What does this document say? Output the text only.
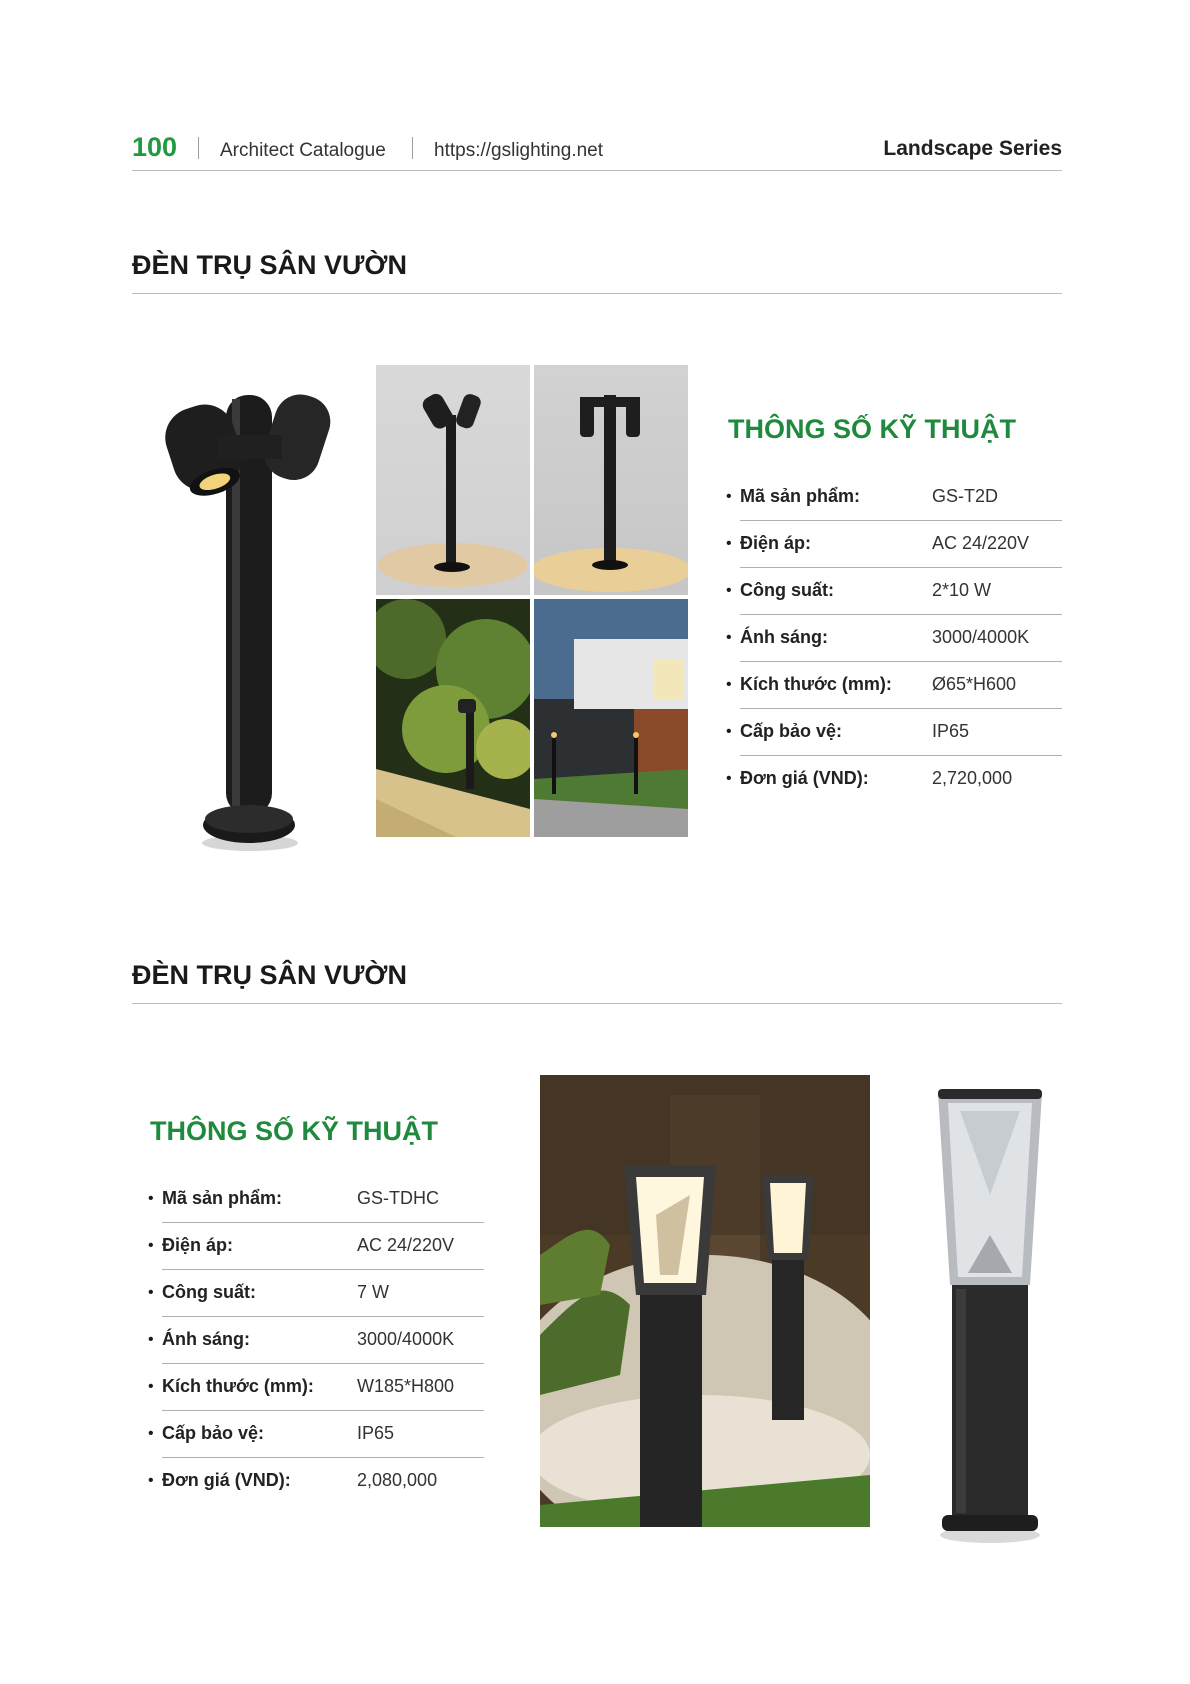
100 Architect Catalogue	https://gslighting.net	Landscape Series
ĐÈN TRỤ SÂN VƯỜN
THÔNG SỐ KỸ THUẬT
• Mã sản phẩm:	GS-T2D
• Điện áp:	AC 24/220V
• Công suất:	2*10 W
• Ánh sáng:	3000/4000K
• Kích thước (mm): Ø65*H600
• Cấp bảo vệ:	IP65
• Đơn giá (VND):	2,720,000
ĐÈN TRỤ SÂN VƯỜN
THÔNG SỐ KỸ THUẬT
• Mã sản phẩm:	GS-TDHC
• Điện áp:	AC 24/220V
• Công suất:	7 W
• Ánh sáng:	3000/4000K
• Kích thước (mm): W185*H800
• Cấp bảo vệ:	IP65
• Đơn giá (VND):	2,080,000
